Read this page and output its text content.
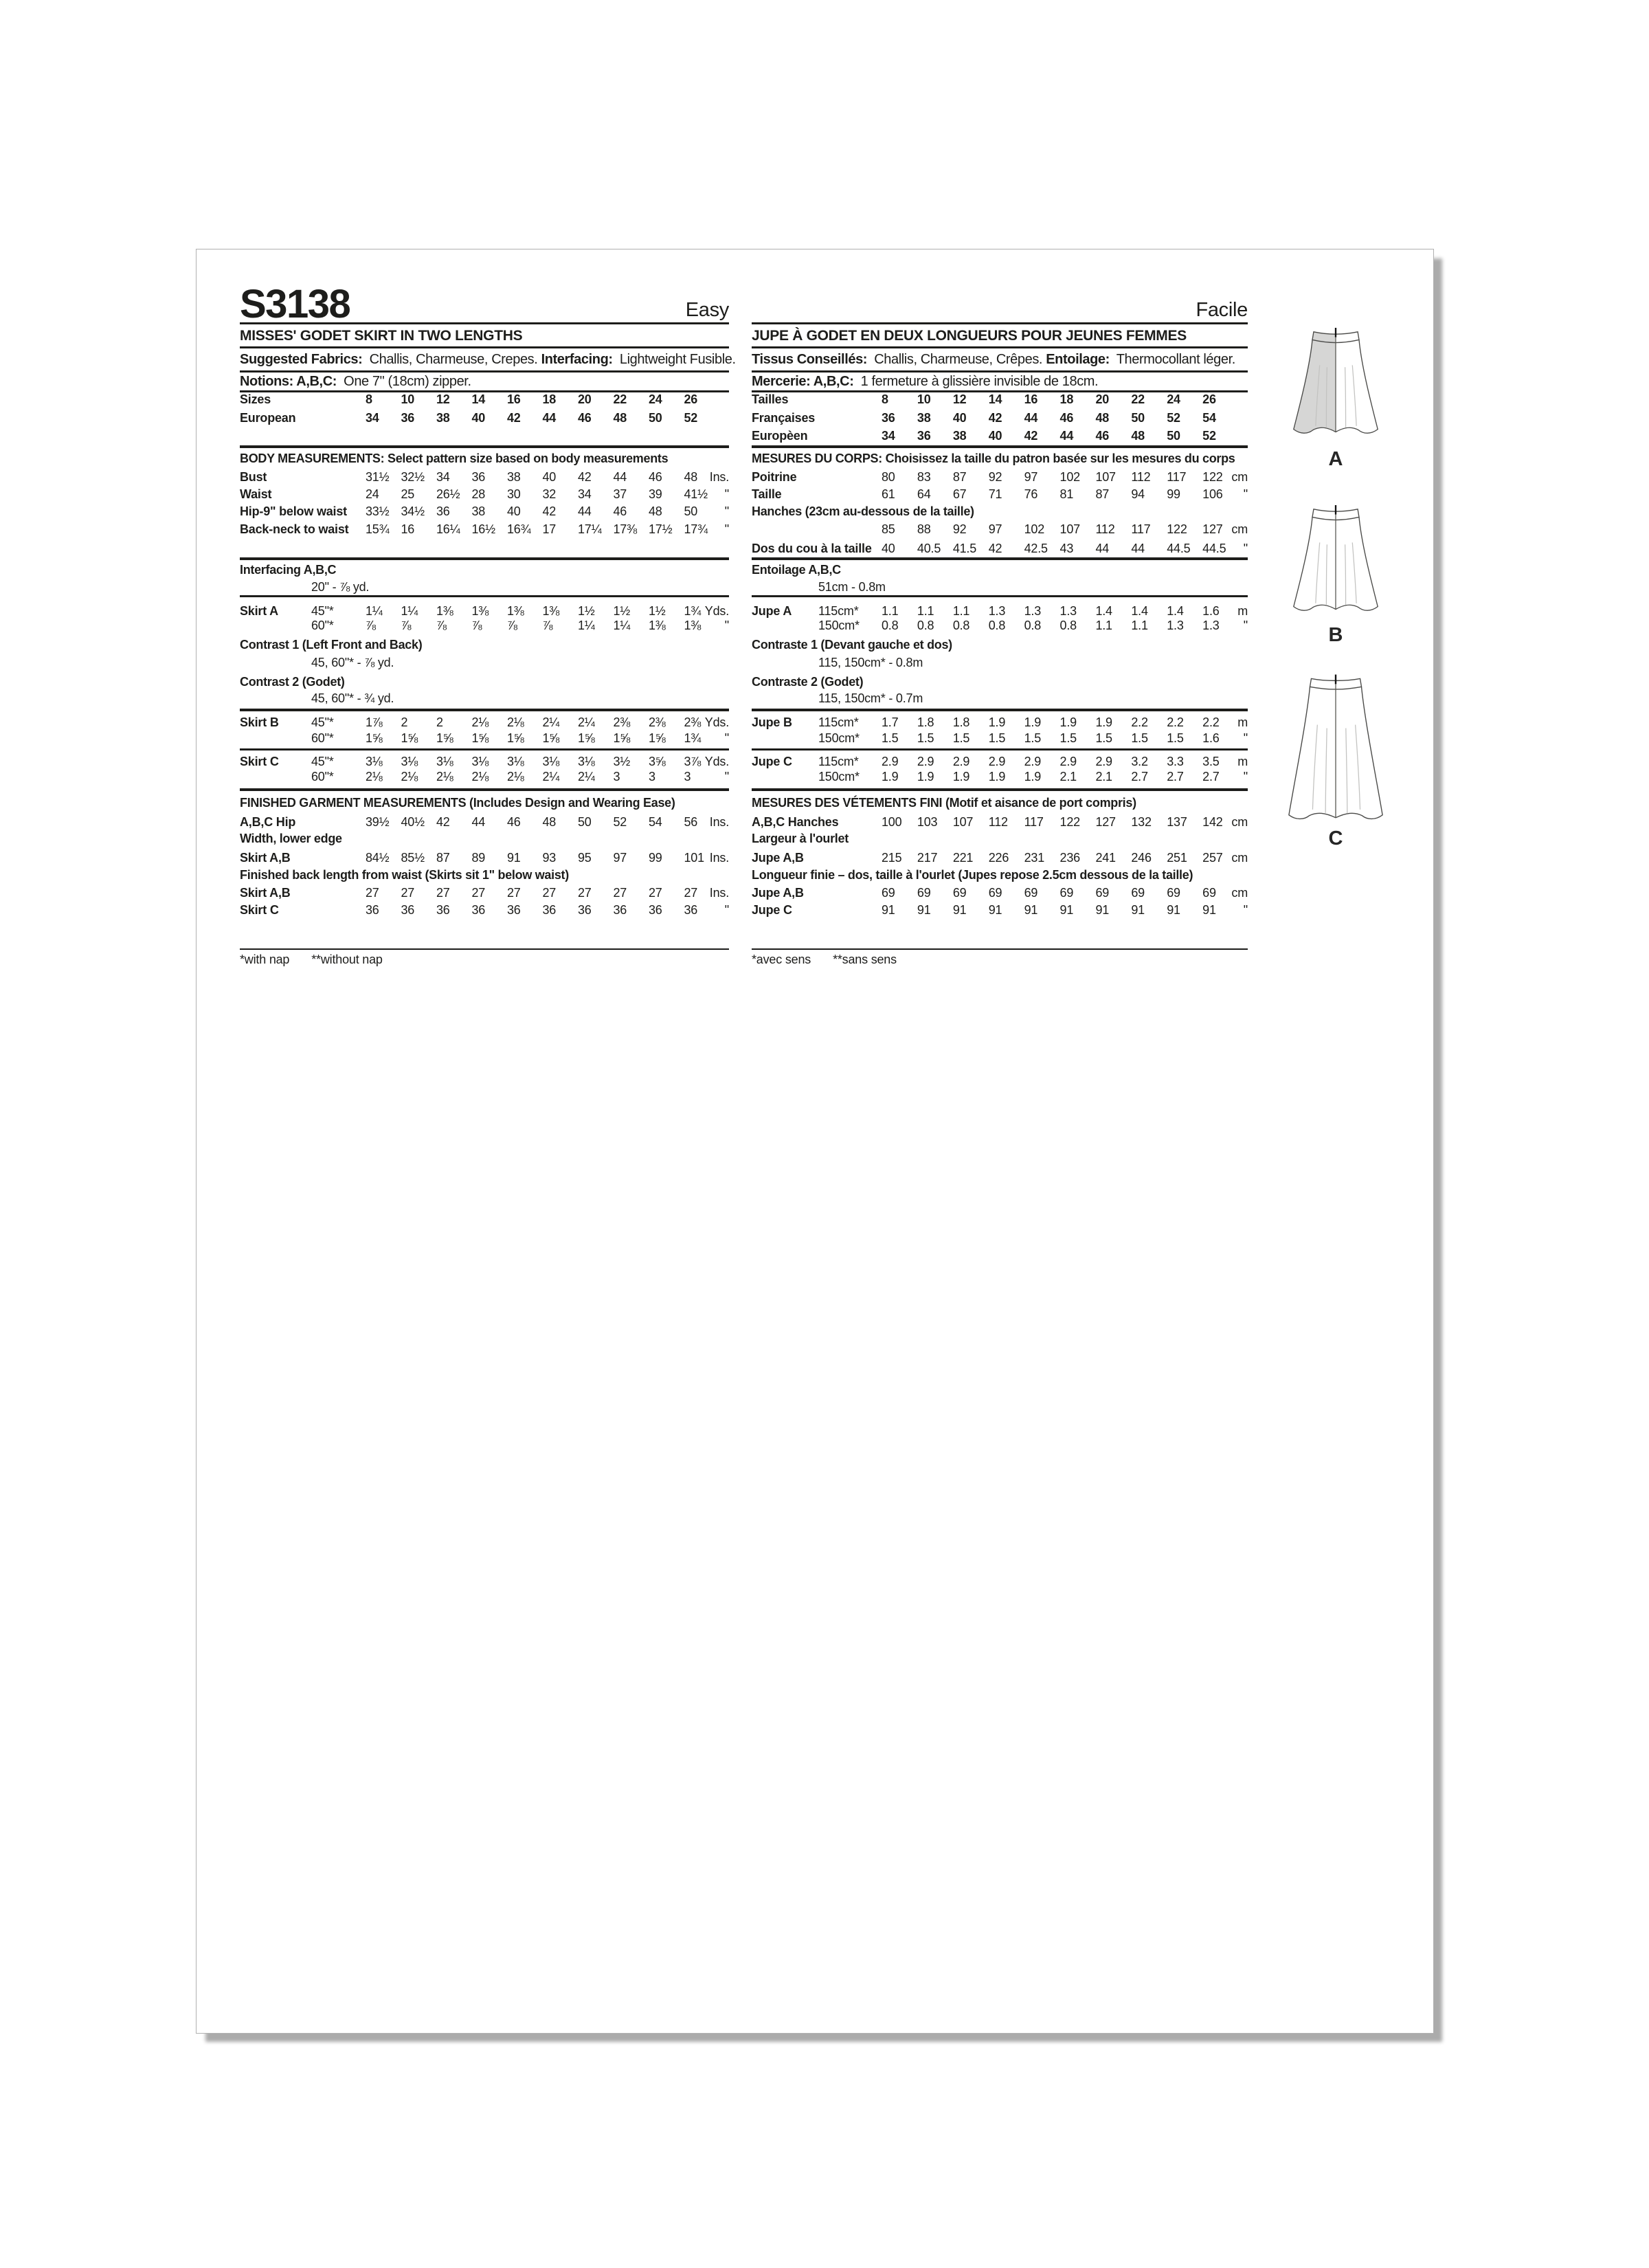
S3138	Easy
MISSES' GODET SKIRT IN TWO LENGTHS
Suggested Fabrics: Challis, Charmeuse, Crepes. Interfacing: Lightweight Fusible.
Notions: A,B,C: One 7" (18cm) zipper.
Sizes	8	10	12	14	16	18	20	22	24	26
European	34	36	38	40	42	44	46	48	50	52
BODY MEASUREMENTS: Select pattern size based on body measurements
Bust	31½ 32½ 34	36	38	40	42	44	46	48 Ins.
Waist	24	25	26½ 28	30	32	34	37	39	41½	"
Hip-9" below waist 33½ 34½ 36	38	40	42	44	46	48	50	"
Back-neck to waist 15¾ 16	16¼ 16½ 16¾ 17	17¼ 17⅜ 17½ 17¾	"
Interfacing A,B,C
20" - ⅞ yd.
Skirt A	45"*	1¼	1¼	1⅜	1⅜	1⅜	1⅜	1½	1½	1½	1¾ Yds.
60"*	⅞	⅞	⅞	⅞	⅞	⅞	1¼	1¼	1⅜	1⅜	"
Contrast 1 (Left Front and Back)
45, 60"* - ⅞ yd.
Contrast 2 (Godet)
45, 60"* - ¾ yd.
Skirt B	45"*	1⅞	2	2	2⅛	2⅛	2¼	2¼	2⅜	2⅜	2⅜ Yds.
60"*	1⅝	1⅝	1⅝	1⅝	1⅝	1⅝	1⅝	1⅝	1⅝	1¾	"
Skirt C	45"*	3⅛	3⅛	3⅛	3⅛	3⅛	3⅛	3⅛	3½	3⅝	3⅞ Yds.
60"*	2⅛	2⅛	2⅛	2⅛	2⅛	2¼	2¼	3	3	3	"
FINISHED GARMENT MEASUREMENTS (Includes Design and Wearing Ease)
A,B,C Hip	39½ 40½ 42	44	46	48	50	52	54	56 Ins.
Width, lower edge
Skirt A,B	84½ 85½ 87	89	91	93	95	97	99	101 Ins.
Finished back length from waist (Skirts sit 1" below waist)
Skirt A,B	27	27	27	27	27	27	27	27	27	27 Ins.
Skirt C	36	36	36	36	36	36	36	36	36	36	"
*with nap **without nap
Facile
JUPE À GODET EN DEUX LONGUEURS POUR JEUNES FEMMES
Tissus Conseillés: Challis, Charmeuse, Crêpes. Entoilage: Thermocollant léger.
Mercerie: A,B,C: 1 fermeture à glissière invisible de 18cm.
Tailles	8	10	12	14	16	18	20	22	24	26
Françaises	36	38	40	42	44	46	48	50	52	54
Europèen	34	36	38	40	42	44	46	48	50	52
MESURES DU CORPS: Choisissez la taille du patron basée sur les mesures du corps
Poitrine	80	83	87	92	97	102	107	112	117	122 cm
Taille	61	64	67	71	76	81	87	94	99	106	"
Hanches (23cm au-dessous de la taille)
85	88	92	97	102	107	112	117	122	127 cm
Dos du cou à la taille 40	40.5 41.5 42	42.5 43	44	44	44.5 44.5	"
Entoilage A,B,C
51cm - 0.8m
Jupe A 115cm* 1.1	1.1	1.1	1.3	1.3	1.3	1.4	1.4	1.4	1.6	m
150cm* 0.8	0.8	0.8	0.8	0.8	0.8	1.1	1.1	1.3	1.3	"
Contraste 1 (Devant gauche et dos)
115, 150cm* - 0.8m
Contraste 2 (Godet)
115, 150cm* - 0.7m
Jupe B 115cm* 1.7	1.8	1.8	1.9	1.9	1.9	1.9	2.2	2.2	2.2	m
150cm* 1.5	1.5	1.5	1.5	1.5	1.5	1.5	1.5	1.5	1.6	"
Jupe C 115cm* 2.9	2.9	2.9	2.9	2.9	2.9	2.9	3.2	3.3	3.5	m
150cm* 1.9	1.9	1.9	1.9	1.9	2.1	2.1	2.7	2.7	2.7	"
MESURES DES VÉTEMENTS FINI (Motif et aisance de port compris)
A,B,C Hanches	100	103	107	112	117	122	127	132	137	142 cm
Largeur à l'ourlet
Jupe A,B	215	217	221	226	231	236	241	246	251	257 cm
Longueur finie – dos, taille à l'ourlet (Jupes repose 2.5cm dessous de la taille)
Jupe A,B	69	69	69	69	69	69	69	69	69	69	cm
Jupe C	91	91	91	91	91	91	91	91	91	91	"
*avec sens **sans sens
A
B
C
